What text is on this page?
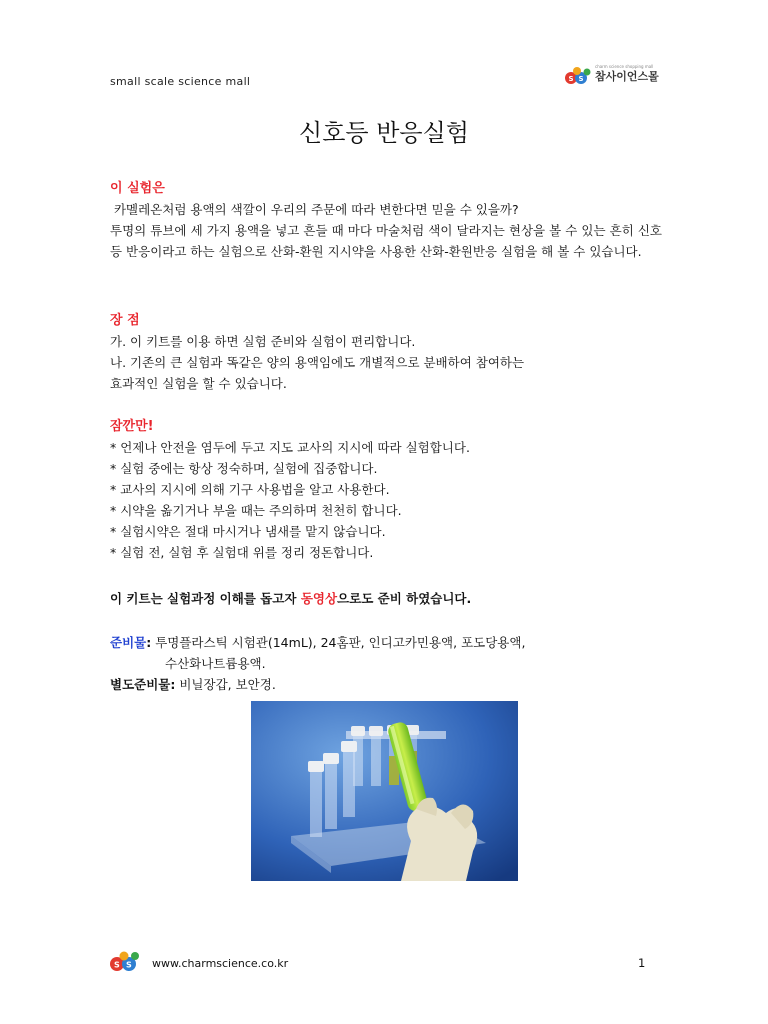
small scale science mall	S S
charm science shopping mall
참사이언스몰
신호등 반응실험
이 실험은
카멜레온처럼 용액의 색깔이 우리의 주문에 따라 변한다면 믿을 수 있을까?
투명의 튜브에 세 가지 용액을 넣고 흔들 때 마다 마술처럼 색이 달라지는 현상을 볼 수 있는 흔히 신호등 반응이라고 하는 실험으로 산화-환원 지시약을 사용한 산화-환원반응 실험을 해 볼 수 있습니다.
장 점
가. 이 키트를 이용 하면 실험 준비와 실험이 편리합니다.
나. 기존의 큰 실험과 똑같은 양의 용액임에도 개별적으로 분배하여 참여하는
효과적인 실험을 할 수 있습니다.
잠깐만!
* 언제나 안전을 염두에 두고 지도 교사의 지시에 따라 실험합니다.
* 실험 중에는 항상 정숙하며, 실험에 집중합니다.
* 교사의 지시에 의해 기구 사용법을 알고 사용한다.
* 시약을 옮기거나 부을 때는 주의하며 천천히 합니다.
* 실험시약은 절대 마시거나 냄새를 맡지 않습니다.
* 실험 전, 실험 후 실험대 위를 정리 정돈합니다.
이 키트는 실험과정 이해를 돕고자 동영상으로도 준비 하였습니다.
준비물: 투명플라스틱 시험관(14mL), 24홈판, 인디고카민용액, 포도당용액,
수산화나트륨용액.
별도준비물: 비닐장갑, 보안경.
S S www.charmscience.co.kr	1
